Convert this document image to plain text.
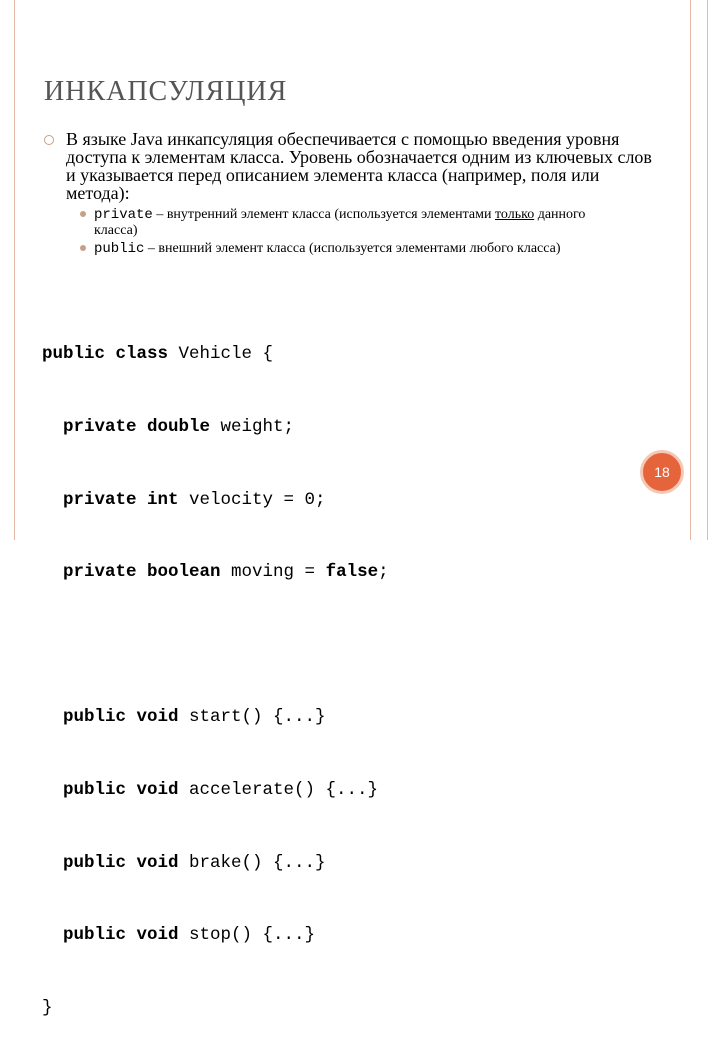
ИНКАПСУЛЯЦИЯ
В языке Java инкапсуляция обеспечивается с помощью введения уровня доступа к элементам класса. Уровень обозначается одним из ключевых слов и указывается перед описанием элемента класса (например, поля или метода):
private – внутренний элемент класса (используется элементами только данного класса)
public – внешний элемент класса (используется элементами любого класса)

public class Vehicle {

private double weight;

private int velocity = 0;

private boolean moving = false;

public void start() {...}

public void accelerate() {...}

public void brake() {...}

public void stop() {...}

}

18
